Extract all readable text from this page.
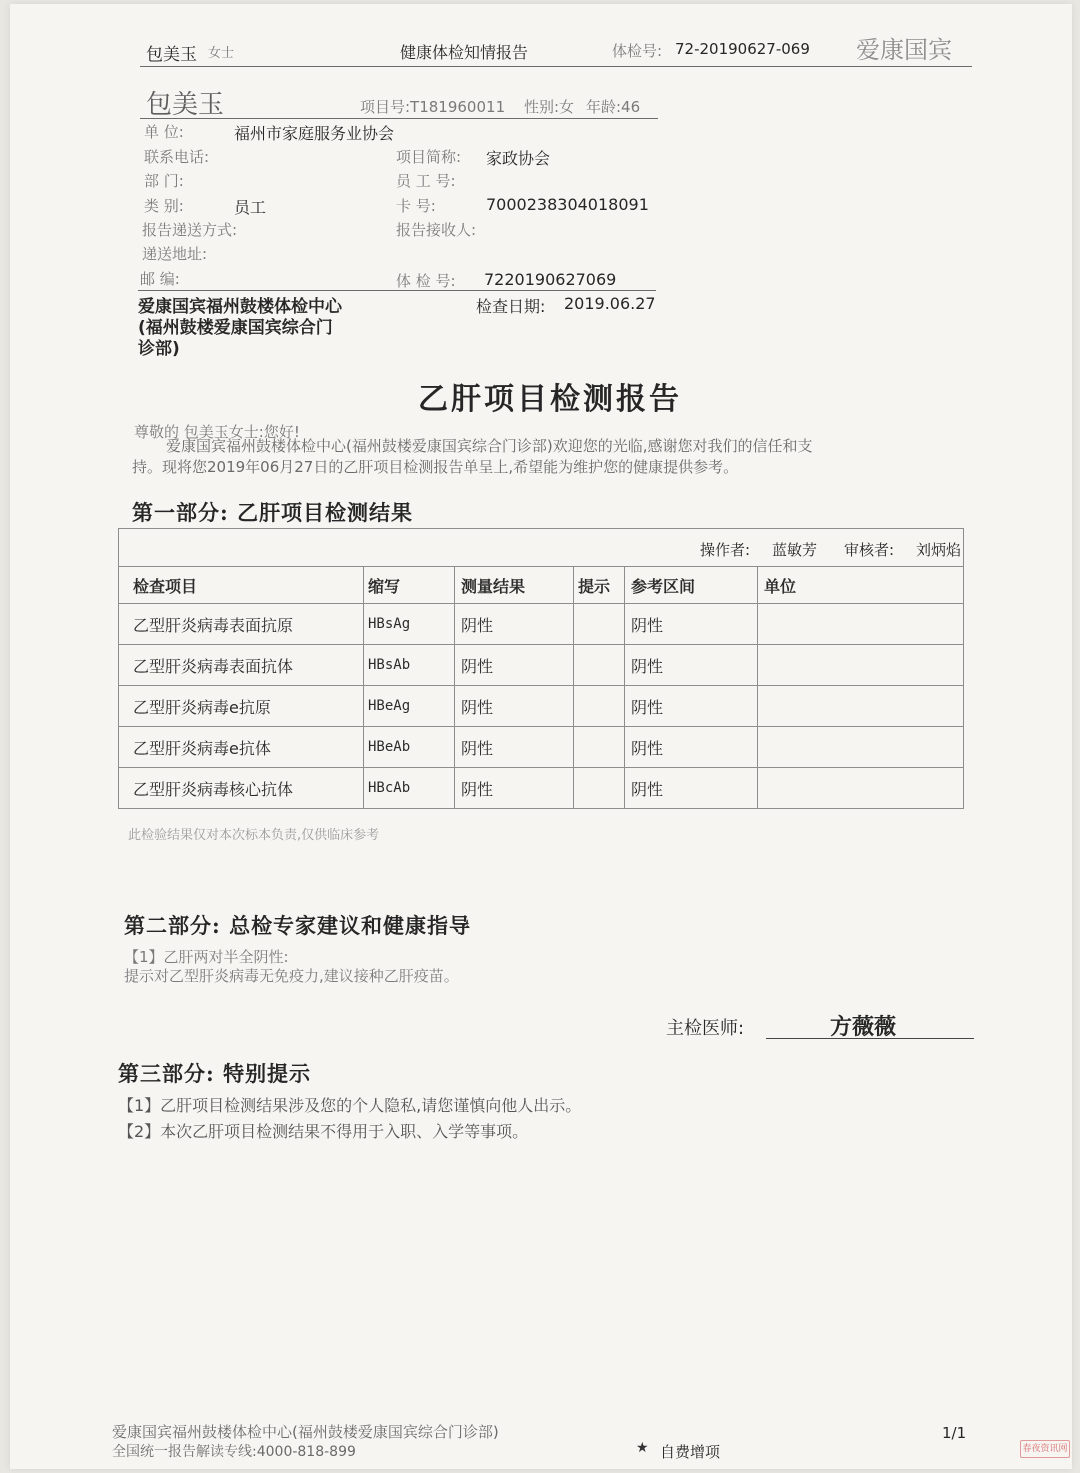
包美玉 女士	健康体检知情报告	体检号: 72-20190627-069 爱康国宾
包美玉	项目号:T181960011 性别:女 年龄:46
单 位:	福州市家庭服务业协会
联系电话:	项目简称: 家政协会
部 门:	员 工 号:
类 别:	员工	卡 号:	7000238304018091
报告递送方式:	报告接收人:
递送地址:
邮 编:	体 检 号: 7220190627069
爱康国宾福州鼓楼体检中心
(福州鼓楼爱康国宾综合门
诊部)
检查日期: 2019.06.27
乙肝项目检测报告
尊敬的 包美玉女士:您好!
爱康国宾福州鼓楼体检中心(福州鼓楼爱康国宾综合门诊部)欢迎您的光临,感谢您对我们的信任和支
持。现将您2019年06月27日的乙肝项目检测报告单呈上,希望能为维护您的健康提供参考。
第一部分: 乙肝项目检测结果
操作者: 蓝敏芳 审核者: 刘炳焰
检查项目	缩写	测量结果	提示	参考区间	单位
乙型肝炎病毒表面抗原	HBsAg	阴性		阴性	
乙型肝炎病毒表面抗体	HBsAb	阴性		阴性	
乙型肝炎病毒e抗原	HBeAg	阴性		阴性	
乙型肝炎病毒e抗体	HBeAb	阴性		阴性	
乙型肝炎病毒核心抗体	HBcAb	阴性		阴性	
此检验结果仅对本次标本负责,仅供临床参考
第二部分: 总检专家建议和健康指导
【1】乙肝两对半全阴性:
提示对乙型肝炎病毒无免疫力,建议接种乙肝疫苗。
主检医师:	方薇薇
第三部分: 特别提示
【1】乙肝项目检测结果涉及您的个人隐私,请您谨慎向他人出示。
【2】本次乙肝项目检测结果不得用于入职、入学等事项。
爱康国宾福州鼓楼体检中心(福州鼓楼爱康国宾综合门诊部)
全国统一报告解读专线:4000-818-899	★ 自费增项
1/1
春夜资讯网
